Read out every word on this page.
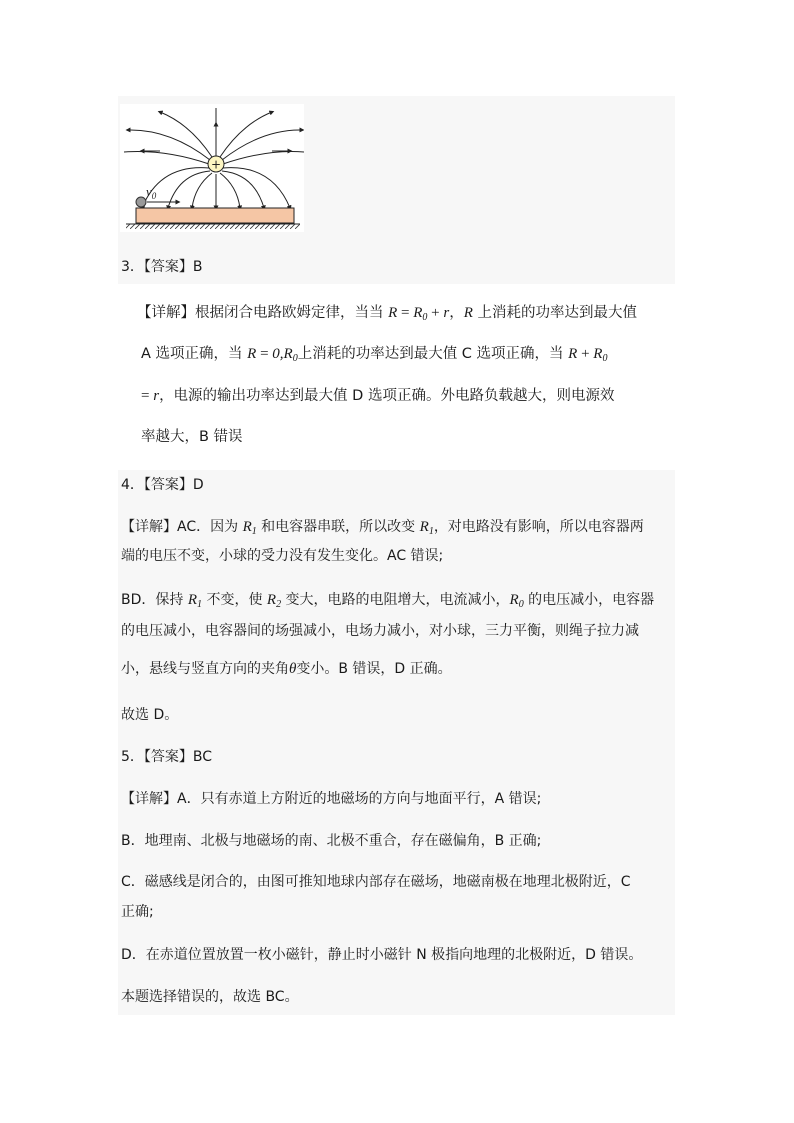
+
$v_0$
3．【答案】B
【详解】根据闭合电路欧姆定律，当当 $R = R_0 + r$，R 上消耗的功率达到最大值
A 选项正确，当 $R = 0,R_0$上消耗的功率达到最大值 C 选项正确，当 $R + R_0$
= r，电源的输出功率达到最大值 D 选项正确。外电路负载越大，则电源效
率越大，B 错误
4．【答案】D
【详解】AC．因为 $R_1$ 和电容器串联，所以改变 $R_1$，对电路没有影响，所以电容器两
端的电压不变，小球的受力没有发生变化。AC 错误;
BD．保持 $R_1$ 不变，使 $R_2$ 变大，电路的电阻增大，电流减小，$R_0$ 的电压减小，电容器
的电压减小，电容器间的场强减小，电场力减小，对小球，三力平衡，则绳子拉力减
小，悬线与竖直方向的夹角θ变小。B 错误，D 正确。
故选 D。
5．【答案】BC
【详解】A．只有赤道上方附近的地磁场的方向与地面平行，A 错误;
B．地理南、北极与地磁场的南、北极不重合，存在磁偏角，B 正确;
C．磁感线是闭合的，由图可推知地球内部存在磁场，地磁南极在地理北极附近，C
正确;
D．在赤道位置放置一枚小磁针，静止时小磁针 N 极指向地理的北极附近，D 错误。
本题选择错误的，故选 BC。
